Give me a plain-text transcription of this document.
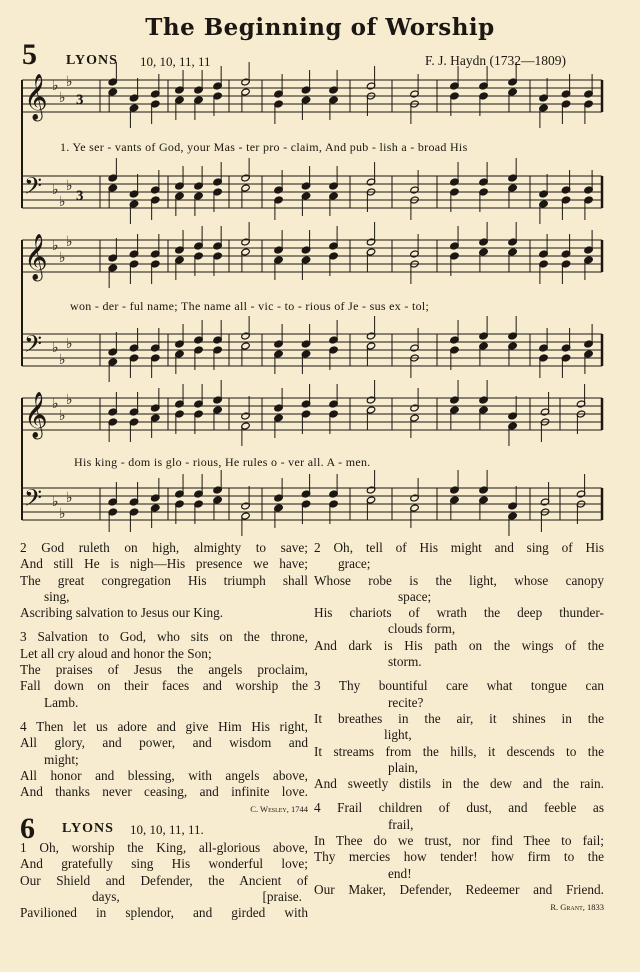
The Beginning of Worship
5 LYONS 10, 10, 11, 11	F. J. Haydn (1732—1809)
𝄞 ♭
♭
♭
3
𝄢 ♭
♭
♭
3
𝄞 ♭
♭
♭
𝄢 ♭
♭
♭
𝄞 ♭
♭
♭
𝄢 ♭
♭
♭
1. Ye ser - vants of God, your Mas - ter pro - claim, And pub - lish a - broad His
won - der - ful name; The name all - vic - to - rious of Je - sus ex - tol;
His king - dom is glo - rious, He rules o - ver all. A - men.

2 God ruleth on high, almighty to save;

And still He is nigh—His presence we have;

The great congregation His triumph shall

sing,

Ascribing salvation to Jesus our King.

3 Salvation to God, who sits on the throne,

Let all cry aloud and honor the Son;

The praises of Jesus the angels proclaim,

Fall down on their faces and worship the

Lamb.

4 Then let us adore and give Him His right,

All glory, and power, and wisdom and

might;

All honor and blessing, with angels above,

And thanks never ceasing, and infinite love.

C. Wesley, 1744
6 LYONS 10, 10, 11, 11.

1 Oh, worship the King, all-glorious above,

And gratefully sing His wonderful love;

Our Shield and Defender, the Ancient of

days,	[praise.

Pavilioned in splendor, and girded with

2 Oh, tell of His might and sing of His

grace;

Whose robe is the light, whose canopy

space;

His chariots of wrath the deep thunder-

clouds form,

And dark is His path on the wings of the

storm.

3 Thy bountiful care what tongue can

recite?

It breathes in the air, it shines in the

light,

It streams from the hills, it descends to the

plain,

And sweetly distils in the dew and the rain.

4 Frail children of dust, and feeble as

frail,

In Thee do we trust, nor find Thee to fail;

Thy mercies how tender! how firm to the

end!

Our Maker, Defender, Redeemer and Friend.

R. Grant, 1833
